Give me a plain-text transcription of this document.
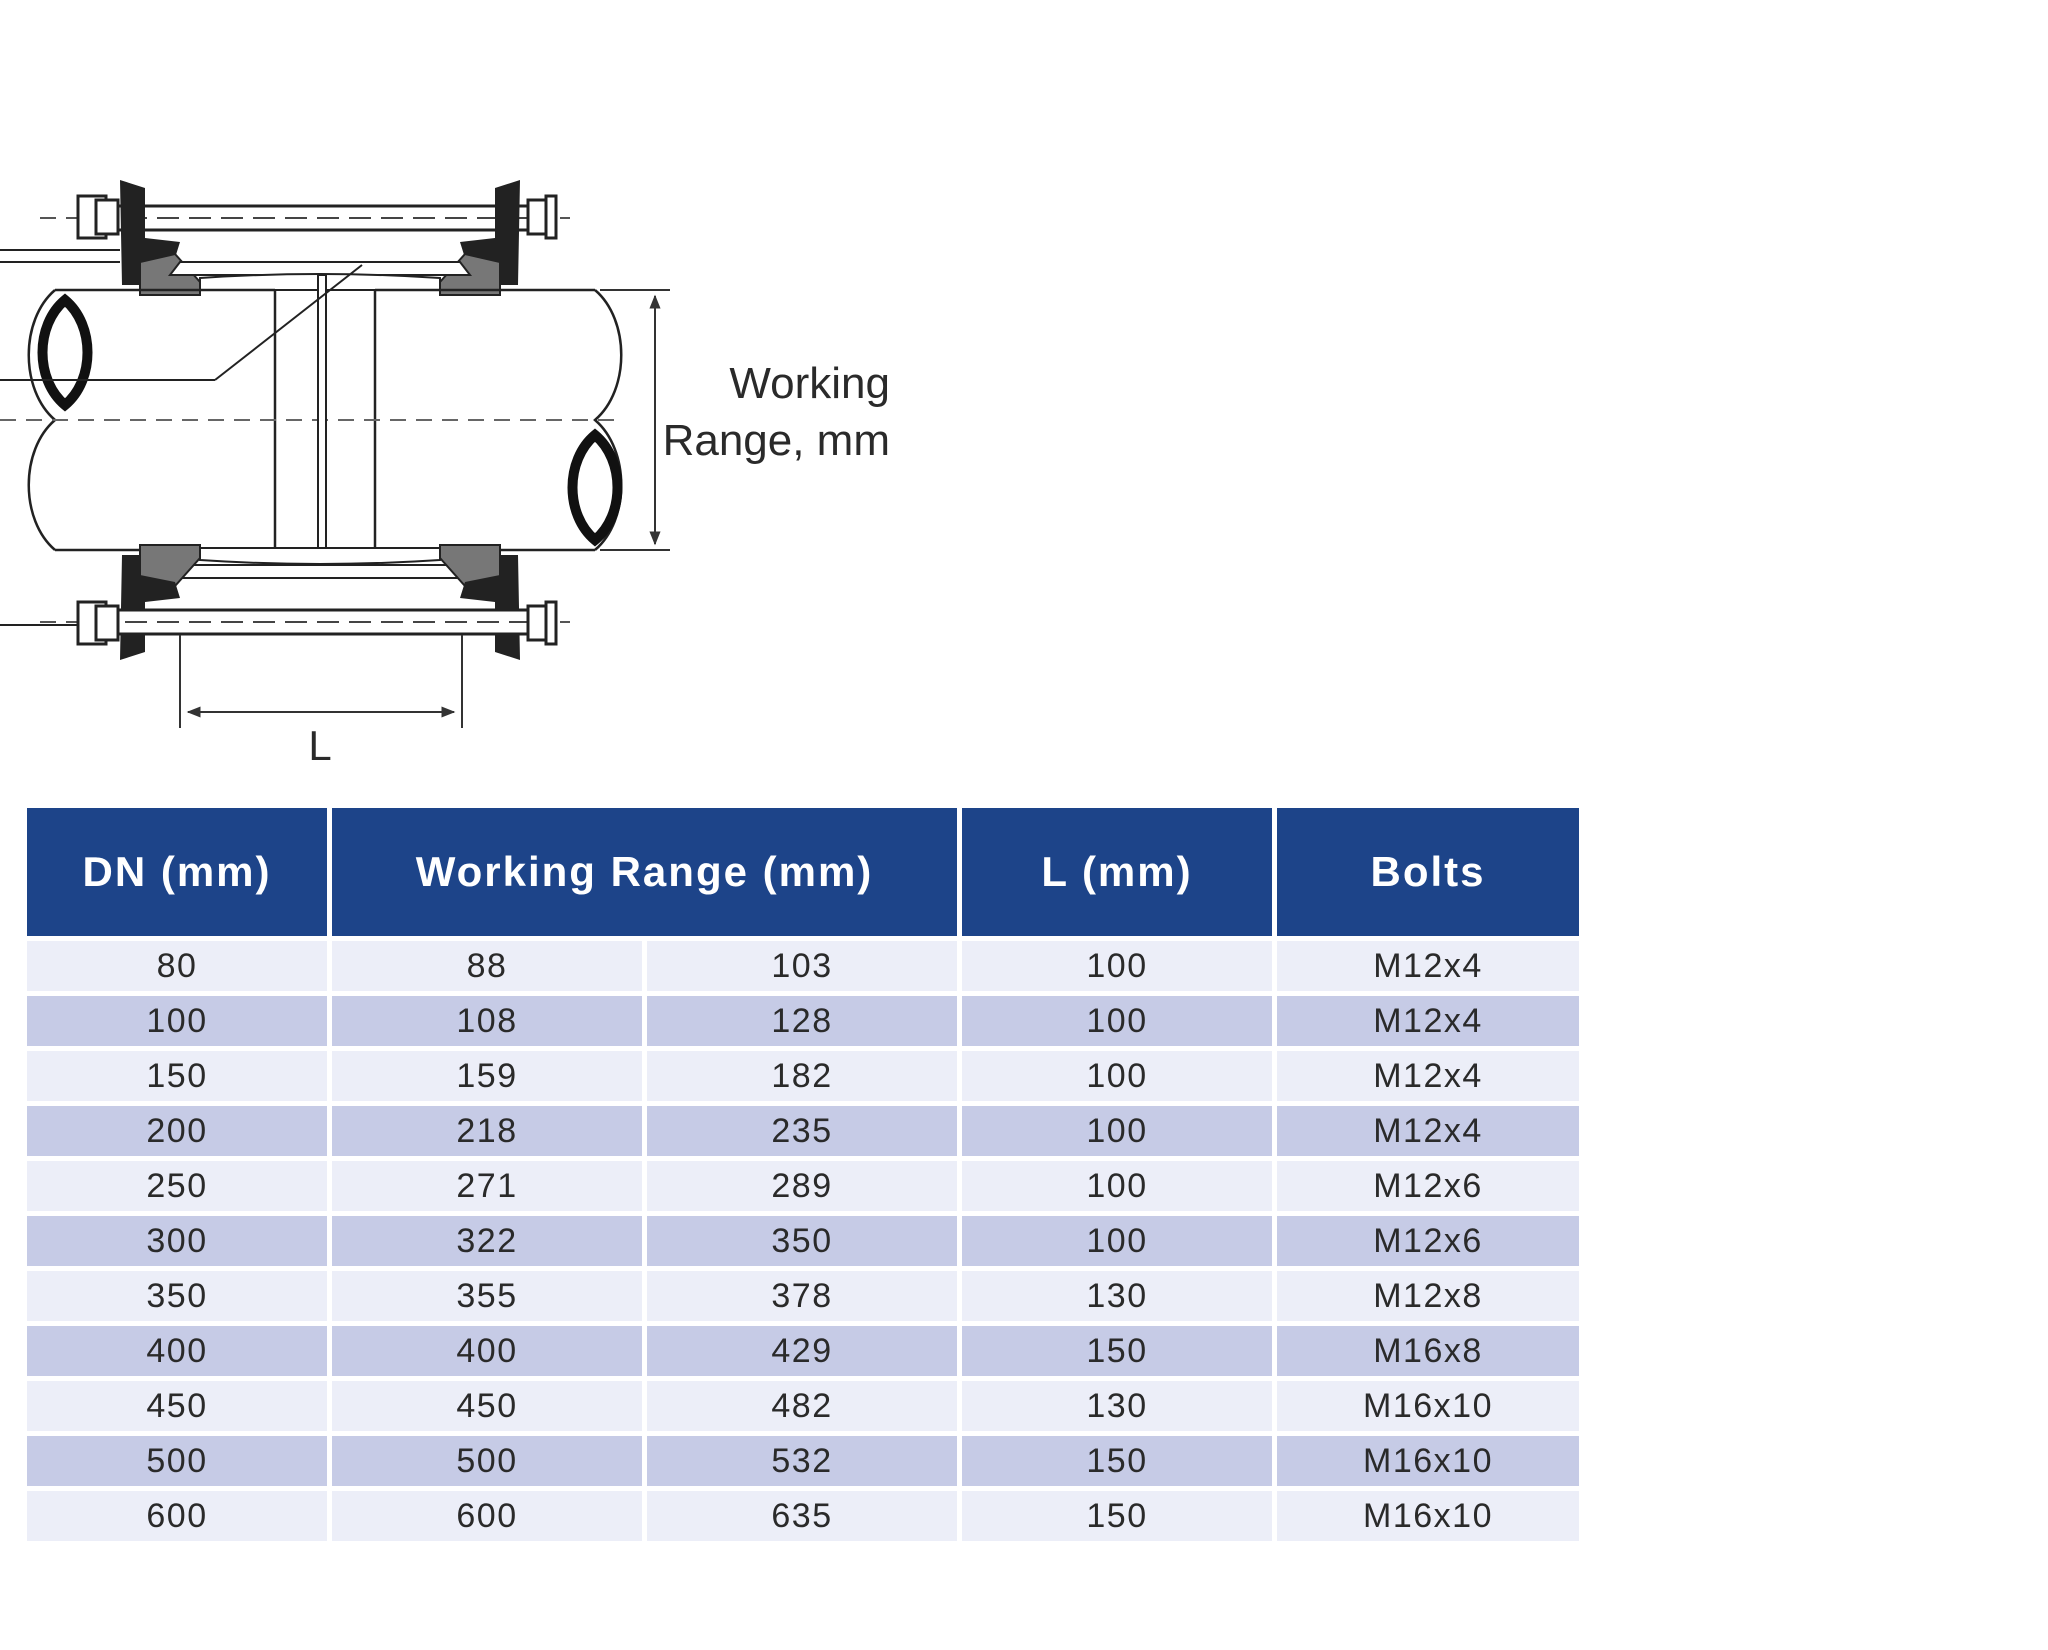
Working
Range, mm
L
DN (mm)	Working Range (mm)		L (mm)	Bolts
80	88	103	100	M12x4
100	108	128	100	M12x4
150	159	182	100	M12x4
200	218	235	100	M12x4
250	271	289	100	M12x6
300	322	350	100	M12x6
350	355	378	130	M12x8
400	400	429	150	M16x8
450	450	482	130	M16x10
500	500	532	150	M16x10
600	600	635	150	M16x10
